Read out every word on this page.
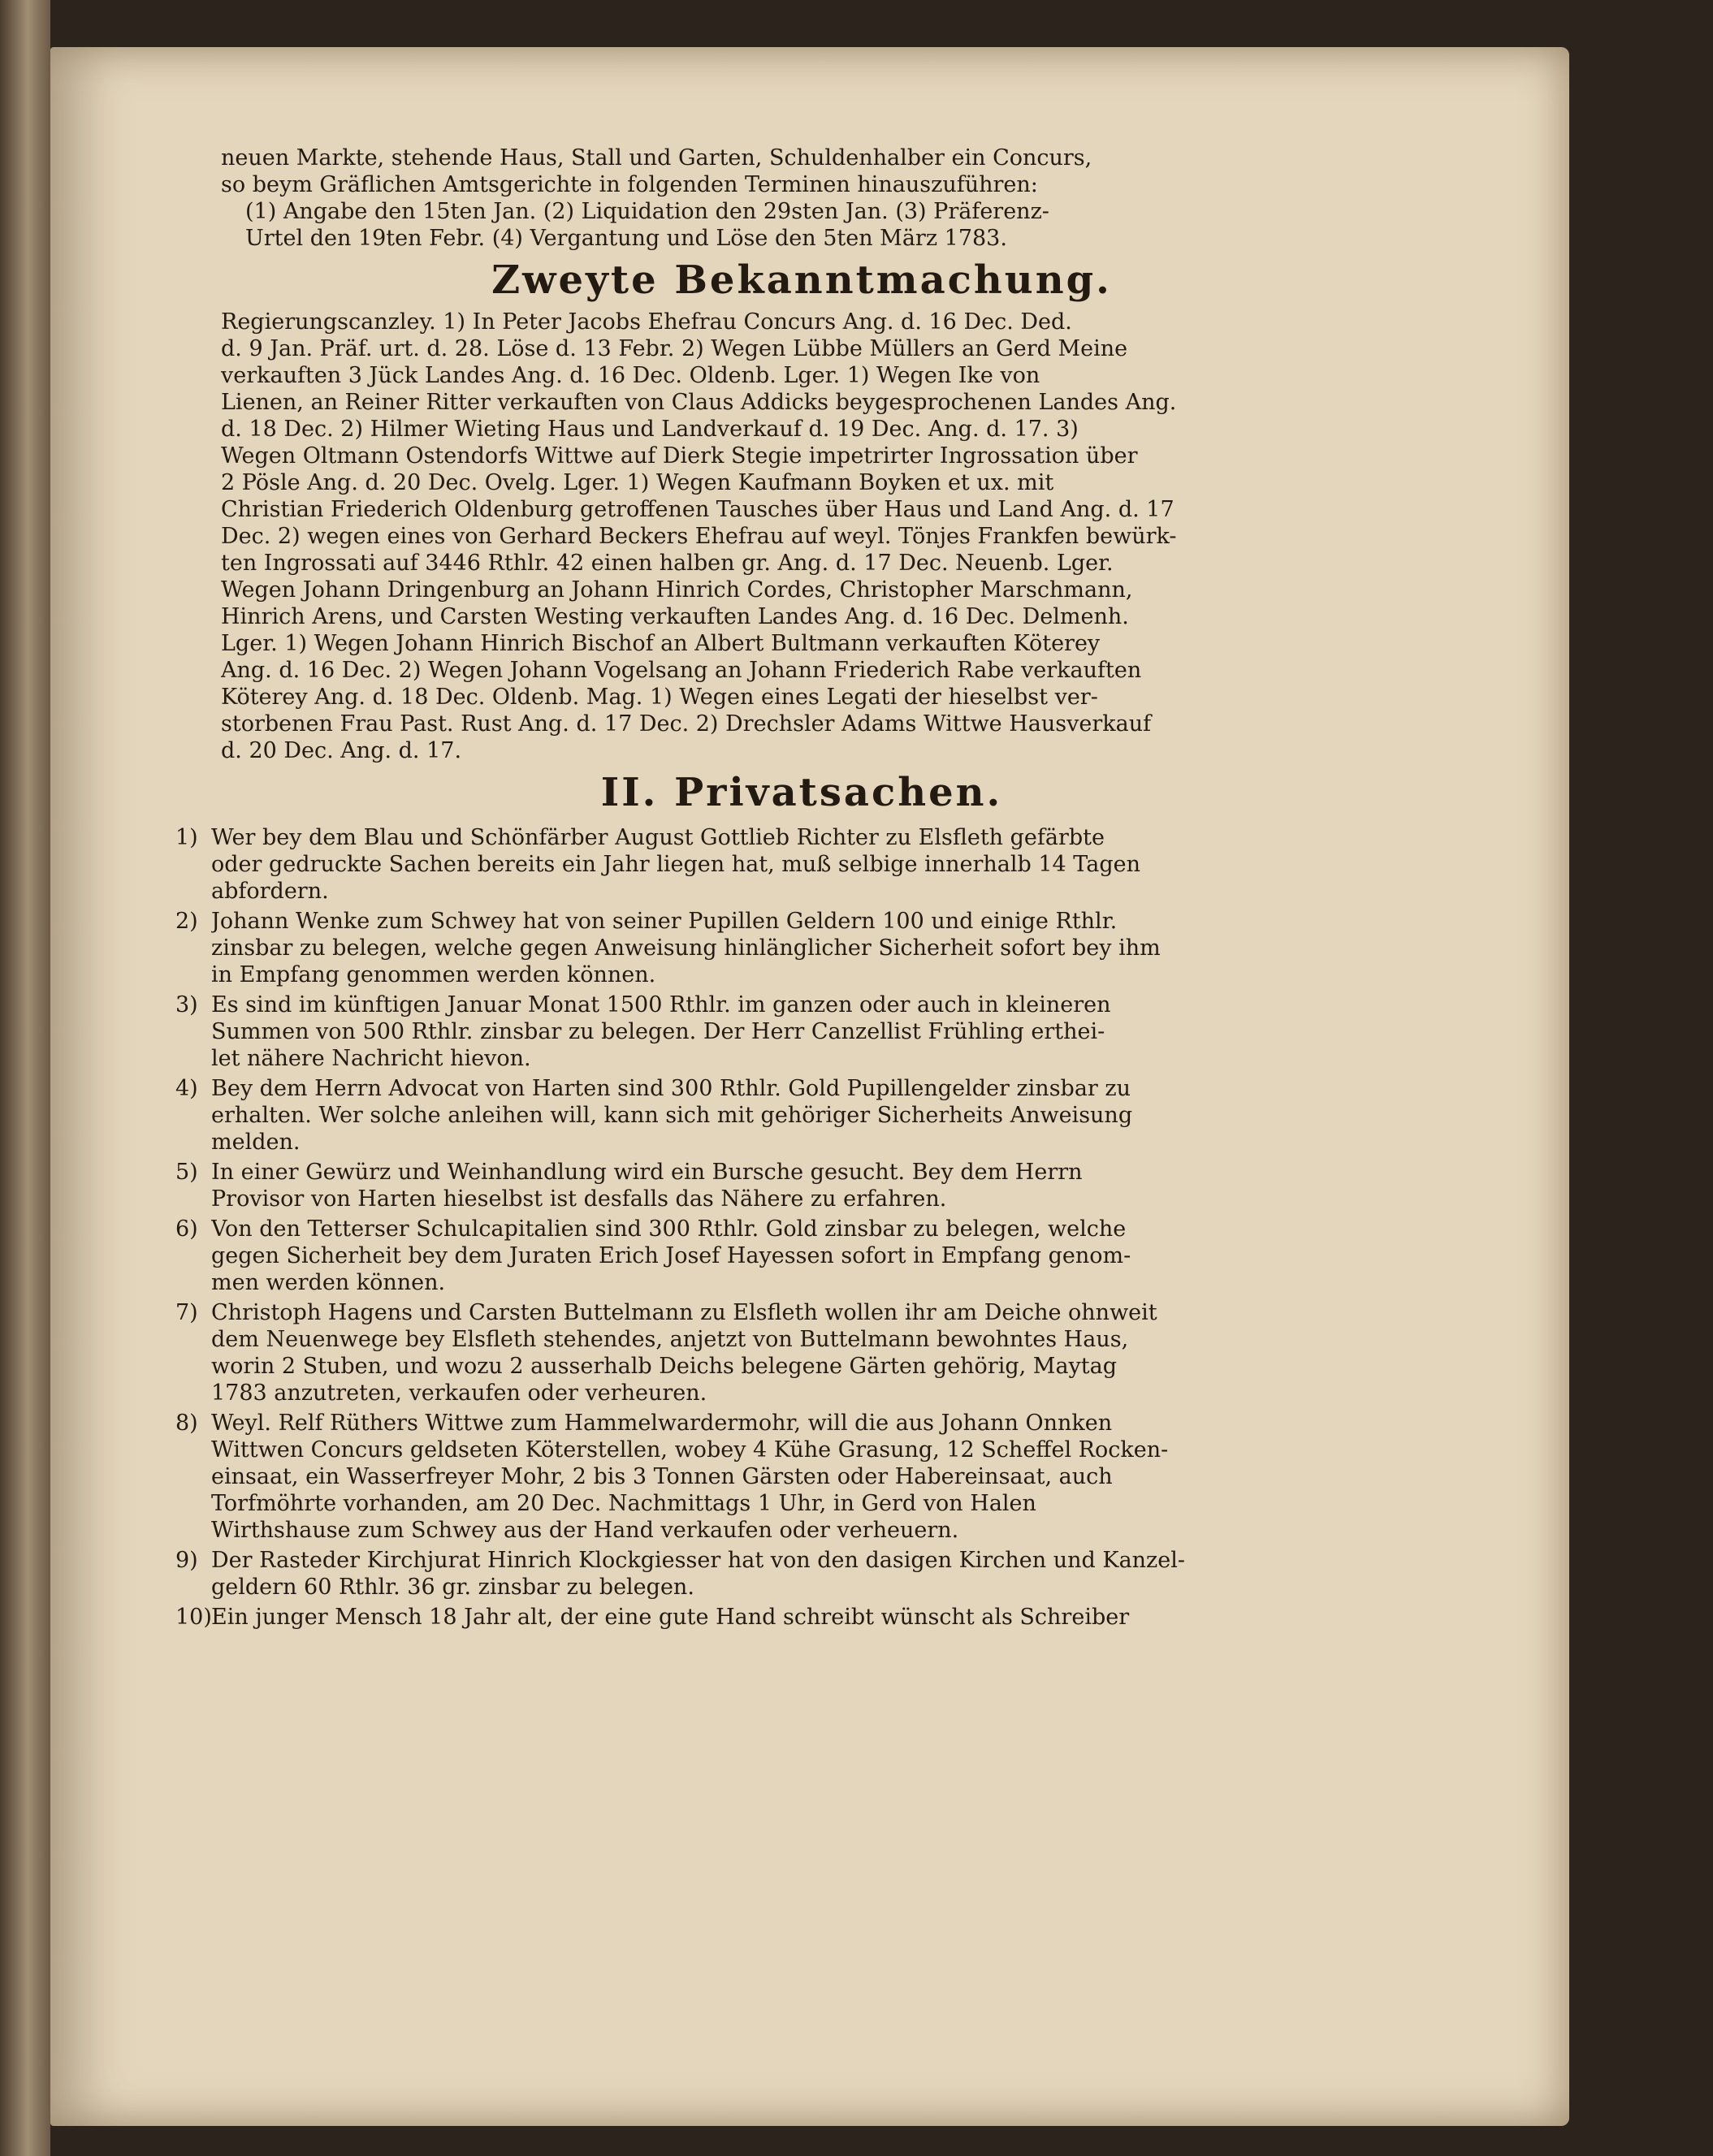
neuen Markte, stehende Haus, Stall und Garten, Schuldenhalber ein Concurs,
so beym Gräflichen Amtsgerichte in folgenden Terminen hinauszuführen:
(1) Angabe den 15ten Jan. (2) Liquidation den 29sten Jan. (3) Präferenz-
Urtel den 19ten Febr. (4) Vergantung und Löse den 5ten März 1783.
Zweyte Bekanntmachung.
Regierungscanzley. 1) In Peter Jacobs Ehefrau Concurs Ang. d. 16 Dec. Ded.
d. 9 Jan. Präf. urt. d. 28. Löse d. 13 Febr. 2) Wegen Lübbe Müllers an Gerd Meine
verkauften 3 Jück Landes Ang. d. 16 Dec. Oldenb. Lger. 1) Wegen Ike von
Lienen, an Reiner Ritter verkauften von Claus Addicks beygesprochenen Landes Ang.
d. 18 Dec. 2) Hilmer Wieting Haus und Landverkauf d. 19 Dec. Ang. d. 17. 3)
Wegen Oltmann Ostendorfs Wittwe auf Dierk Stegie impetrirter Ingrossation über
2 Pösle Ang. d. 20 Dec. Ovelg. Lger. 1) Wegen Kaufmann Boyken et ux. mit
Christian Friederich Oldenburg getroffenen Tausches über Haus und Land Ang. d. 17
Dec. 2) wegen eines von Gerhard Beckers Ehefrau auf weyl. Tönjes Frankfen bewürk-
ten Ingrossati auf 3446 Rthlr. 42 einen halben gr. Ang. d. 17 Dec. Neuenb. Lger.
Wegen Johann Dringenburg an Johann Hinrich Cordes, Christopher Marschmann,
Hinrich Arens, und Carsten Westing verkauften Landes Ang. d. 16 Dec. Delmenh.
Lger. 1) Wegen Johann Hinrich Bischof an Albert Bultmann verkauften Köterey
Ang. d. 16 Dec. 2) Wegen Johann Vogelsang an Johann Friederich Rabe verkauften
Köterey Ang. d. 18 Dec. Oldenb. Mag. 1) Wegen eines Legati der hieselbst ver-
storbenen Frau Past. Rust Ang. d. 17 Dec. 2) Drechsler Adams Wittwe Hausverkauf
d. 20 Dec. Ang. d. 17.
II. Privatsachen.
1) Wer bey dem Blau und Schönfärber August Gottlieb Richter zu Elsfleth gefärbte
oder gedruckte Sachen bereits ein Jahr liegen hat, muß selbige innerhalb 14 Tagen
abfordern.
2) Johann Wenke zum Schwey hat von seiner Pupillen Geldern 100 und einige Rthlr.
zinsbar zu belegen, welche gegen Anweisung hinlänglicher Sicherheit sofort bey ihm
in Empfang genommen werden können.
3) Es sind im künftigen Januar Monat 1500 Rthlr. im ganzen oder auch in kleineren
Summen von 500 Rthlr. zinsbar zu belegen. Der Herr Canzellist Frühling erthei-
let nähere Nachricht hievon.
4) Bey dem Herrn Advocat von Harten sind 300 Rthlr. Gold Pupillengelder zinsbar zu
erhalten. Wer solche anleihen will, kann sich mit gehöriger Sicherheits Anweisung
melden.
5) In einer Gewürz und Weinhandlung wird ein Bursche gesucht. Bey dem Herrn
Provisor von Harten hieselbst ist desfalls das Nähere zu erfahren.
6) Von den Tetterser Schulcapitalien sind 300 Rthlr. Gold zinsbar zu belegen, welche
gegen Sicherheit bey dem Juraten Erich Josef Hayessen sofort in Empfang genom-
men werden können.
7) Christoph Hagens und Carsten Buttelmann zu Elsfleth wollen ihr am Deiche ohnweit
dem Neuenwege bey Elsfleth stehendes, anjetzt von Buttelmann bewohntes Haus,
worin 2 Stuben, und wozu 2 ausserhalb Deichs belegene Gärten gehörig, Maytag
1783 anzutreten, verkaufen oder verheuren.
8) Weyl. Relf Rüthers Wittwe zum Hammelwardermohr, will die aus Johann Onnken
Wittwen Concurs geldseten Köterstellen, wobey 4 Kühe Grasung, 12 Scheffel Rocken-
einsaat, ein Wasserfreyer Mohr, 2 bis 3 Tonnen Gärsten oder Habereinsaat, auch
Torfmöhrte vorhanden, am 20 Dec. Nachmittags 1 Uhr, in Gerd von Halen
Wirthshause zum Schwey aus der Hand verkaufen oder verheuern.
9) Der Rasteder Kirchjurat Hinrich Klockgiesser hat von den dasigen Kirchen und Kanzel-
geldern 60 Rthlr. 36 gr. zinsbar zu belegen.
10) Ein junger Mensch 18 Jahr alt, der eine gute Hand schreibt wünscht als Schreiber
